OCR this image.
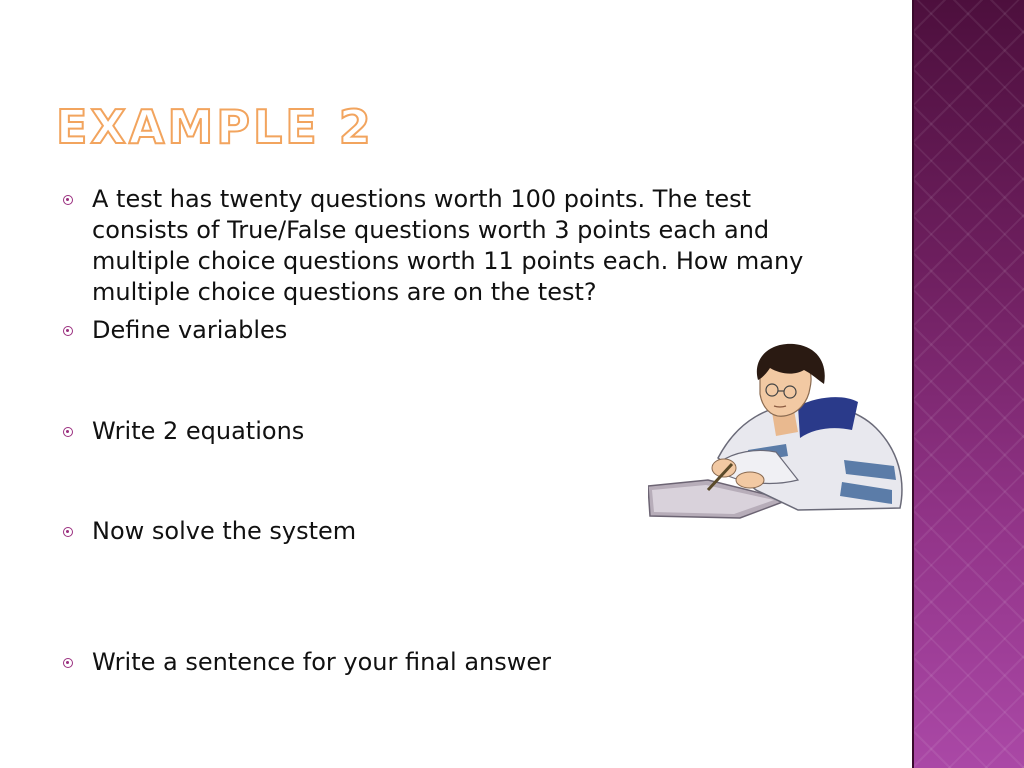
EXAMPLE 2
A test has twenty questions worth 100 points. The test consists of True/False questions worth 3 points each and multiple choice questions worth 11 points each. How many multiple choice questions are on the test?
Define variables
Write 2 equations
Now solve the system
Write a sentence for your final answer
